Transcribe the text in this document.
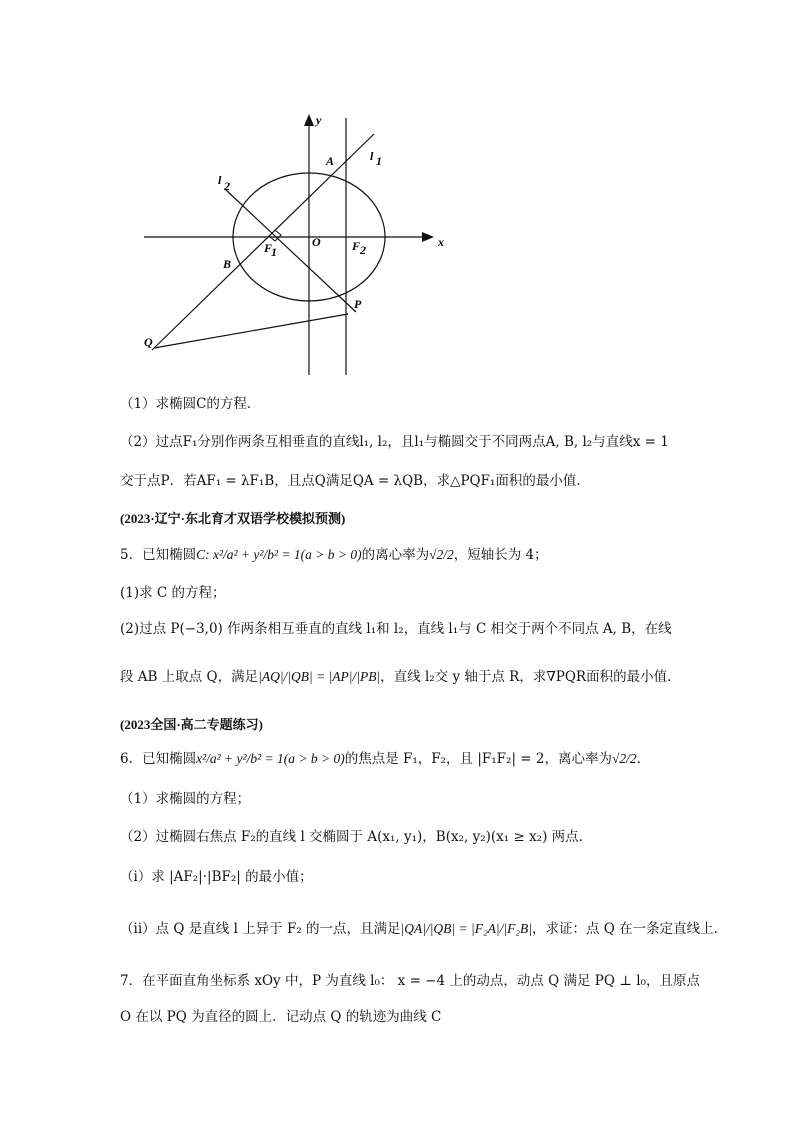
y
x
A	l 1
l 2
F
1
O	F 2
B
P
Q
（1）求椭圆C的方程．
（2）过点F₁分别作两条互相垂直的直线l₁, l₂，且l₁与椭圆交于不同两点A, B, l₂与直线x = 1
交于点P．若AF₁ = λF₁B，且点Q满足QA = λQB，求△PQF₁面积的最小值．
(2023·辽宁·东北育才双语学校模拟预测)
5．已知椭圆 C: x²/a² + y²/b² = 1(a > b > 0) 的离心率为 √2/2 ，短轴长为 4；
(1)求 C 的方程；
(2)过点 P(−3,0) 作两条相互垂直的直线 l₁和 l₂，直线 l₁与 C 相交于两个不同点 A, B，在线
段 AB 上取点 Q，满足 |AQ|/|QB| = |AP|/|PB| ，直线 l₂交 y 轴于点 R，求∇PQR面积的最小值．
(2023全国·高二专题练习)
6．已知椭圆 x²/a² + y²/b² = 1(a > b > 0) 的焦点是 F₁，F₂，且 |F₁F₂| = 2，离心率为 √2/2 ．
（1）求椭圆的方程；
（2）过椭圆右焦点 F₂的直线 l 交椭圆于 A(x₁, y₁)，B(x₂, y₂)(x₁ ≥ x₂) 两点．
（i）求 |AF₂|·|BF₂| 的最小值；
（ii）点 Q 是直线 l 上异于 F₂ 的一点，且满足 |QA|/|QB| = |F₂A|/|F₂B| ，求证：点 Q 在一条定直线上．
7．在平面直角坐标系 xOy 中，P 为直线 l₀： x = −4 上的动点，动点 Q 满足 PQ ⊥ l₀，且原点
O 在以 PQ 为直径的圆上．记动点 Q 的轨迹为曲线 C
